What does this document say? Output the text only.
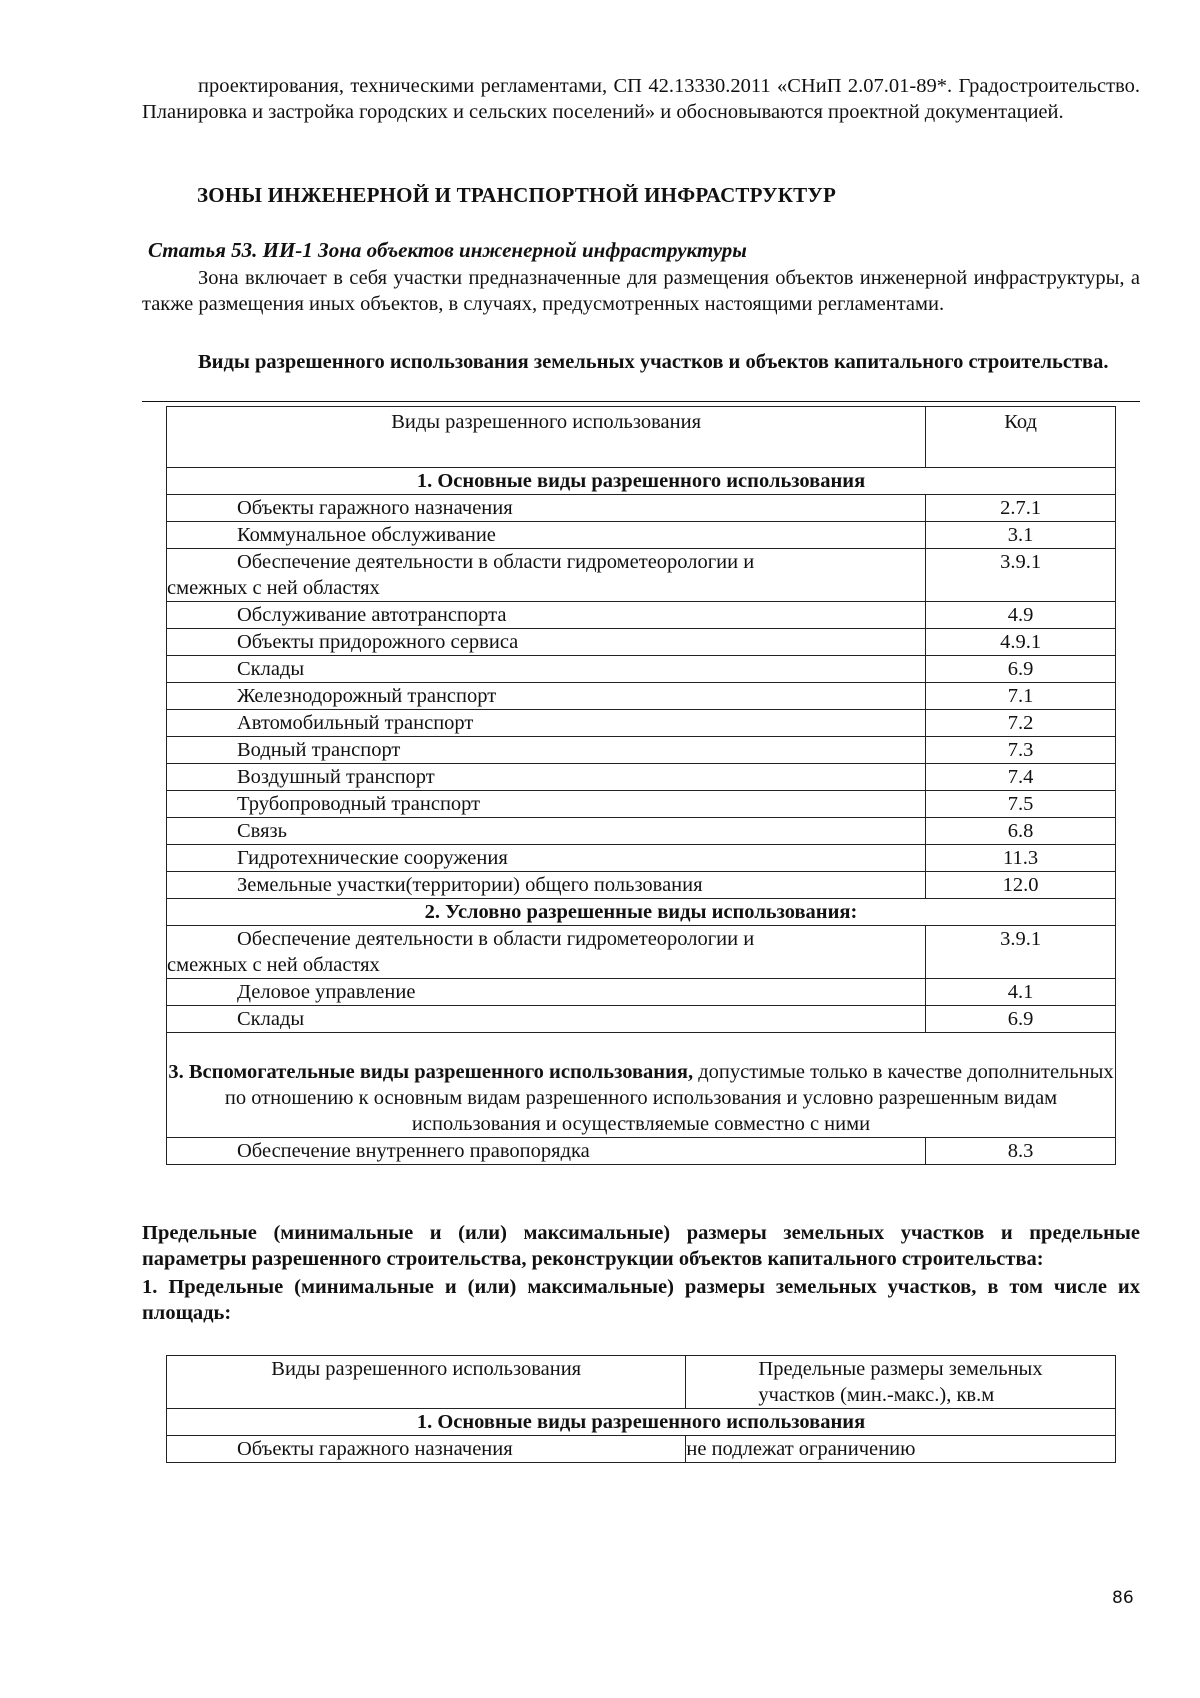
проектирования, техническими регламентами, СП 42.13330.2011 «СНиП 2.07.01-89*. Градостроительство. Планировка и застройка городских и сельских поселений» и обосновываются проектной документацией.

ЗОНЫ ИНЖЕНЕРНОЙ И ТРАНСПОРТНОЙ ИНФРАСТРУКТУР
Статья 53. ИИ-1 Зона объектов инженерной инфраструктуры

Зона включает в себя участки предназначенные для размещения объектов инженерной инфраструктуры, а также размещения иных объектов, в случаях, предусмотренных настоящими регламентами.

Виды разрешенного использования земельных участков и объектов капитального строительства.
Виды разрешенного использования	Код
1. Основные виды разрешенного использования	
Объекты гаражного назначения	2.7.1
Коммунальное обслуживание	3.1

Обеспечение деятельности в области гидрометеорологии и
смежных с ней областях	3.9.1
Обслуживание автотранспорта	4.9
Объекты придорожного сервиса	4.9.1
Склады	6.9
Железнодорожный транспорт	7.1
Автомобильный транспорт	7.2
Водный транспорт	7.3
Воздушный транспорт	7.4
Трубопроводный транспорт	7.5
Связь	6.8
Гидротехнические сооружения	11.3
Земельные участки(территории) общего пользования	12.0
2. Условно разрешенные виды использования:	

Обеспечение деятельности в области гидрометеорологии и
смежных с ней областях	3.9.1
Деловое управление	4.1
Склады	6.9
3. Вспомогательные виды разрешенного использования, допустимые только в качестве дополнительных по отношению к основным видам разрешенного использования и условно разрешенным видам использования и осуществляемые совместно с ними	
Обеспечение внутреннего правопорядка	8.3

Предельные (минимальные и (или) максимальные) размеры земельных участков и предельные параметры разрешенного строительства, реконструкции объектов капитального строительства:

1. Предельные (минимальные и (или) максимальные) размеры земельных участков, в том числе их площадь:

Виды разрешенного использования	Предельные размеры земельных участков (мин.-макс.), кв.м
1. Основные виды разрешенного использования	
Объекты гаражного назначения	не подлежат ограничению
86
